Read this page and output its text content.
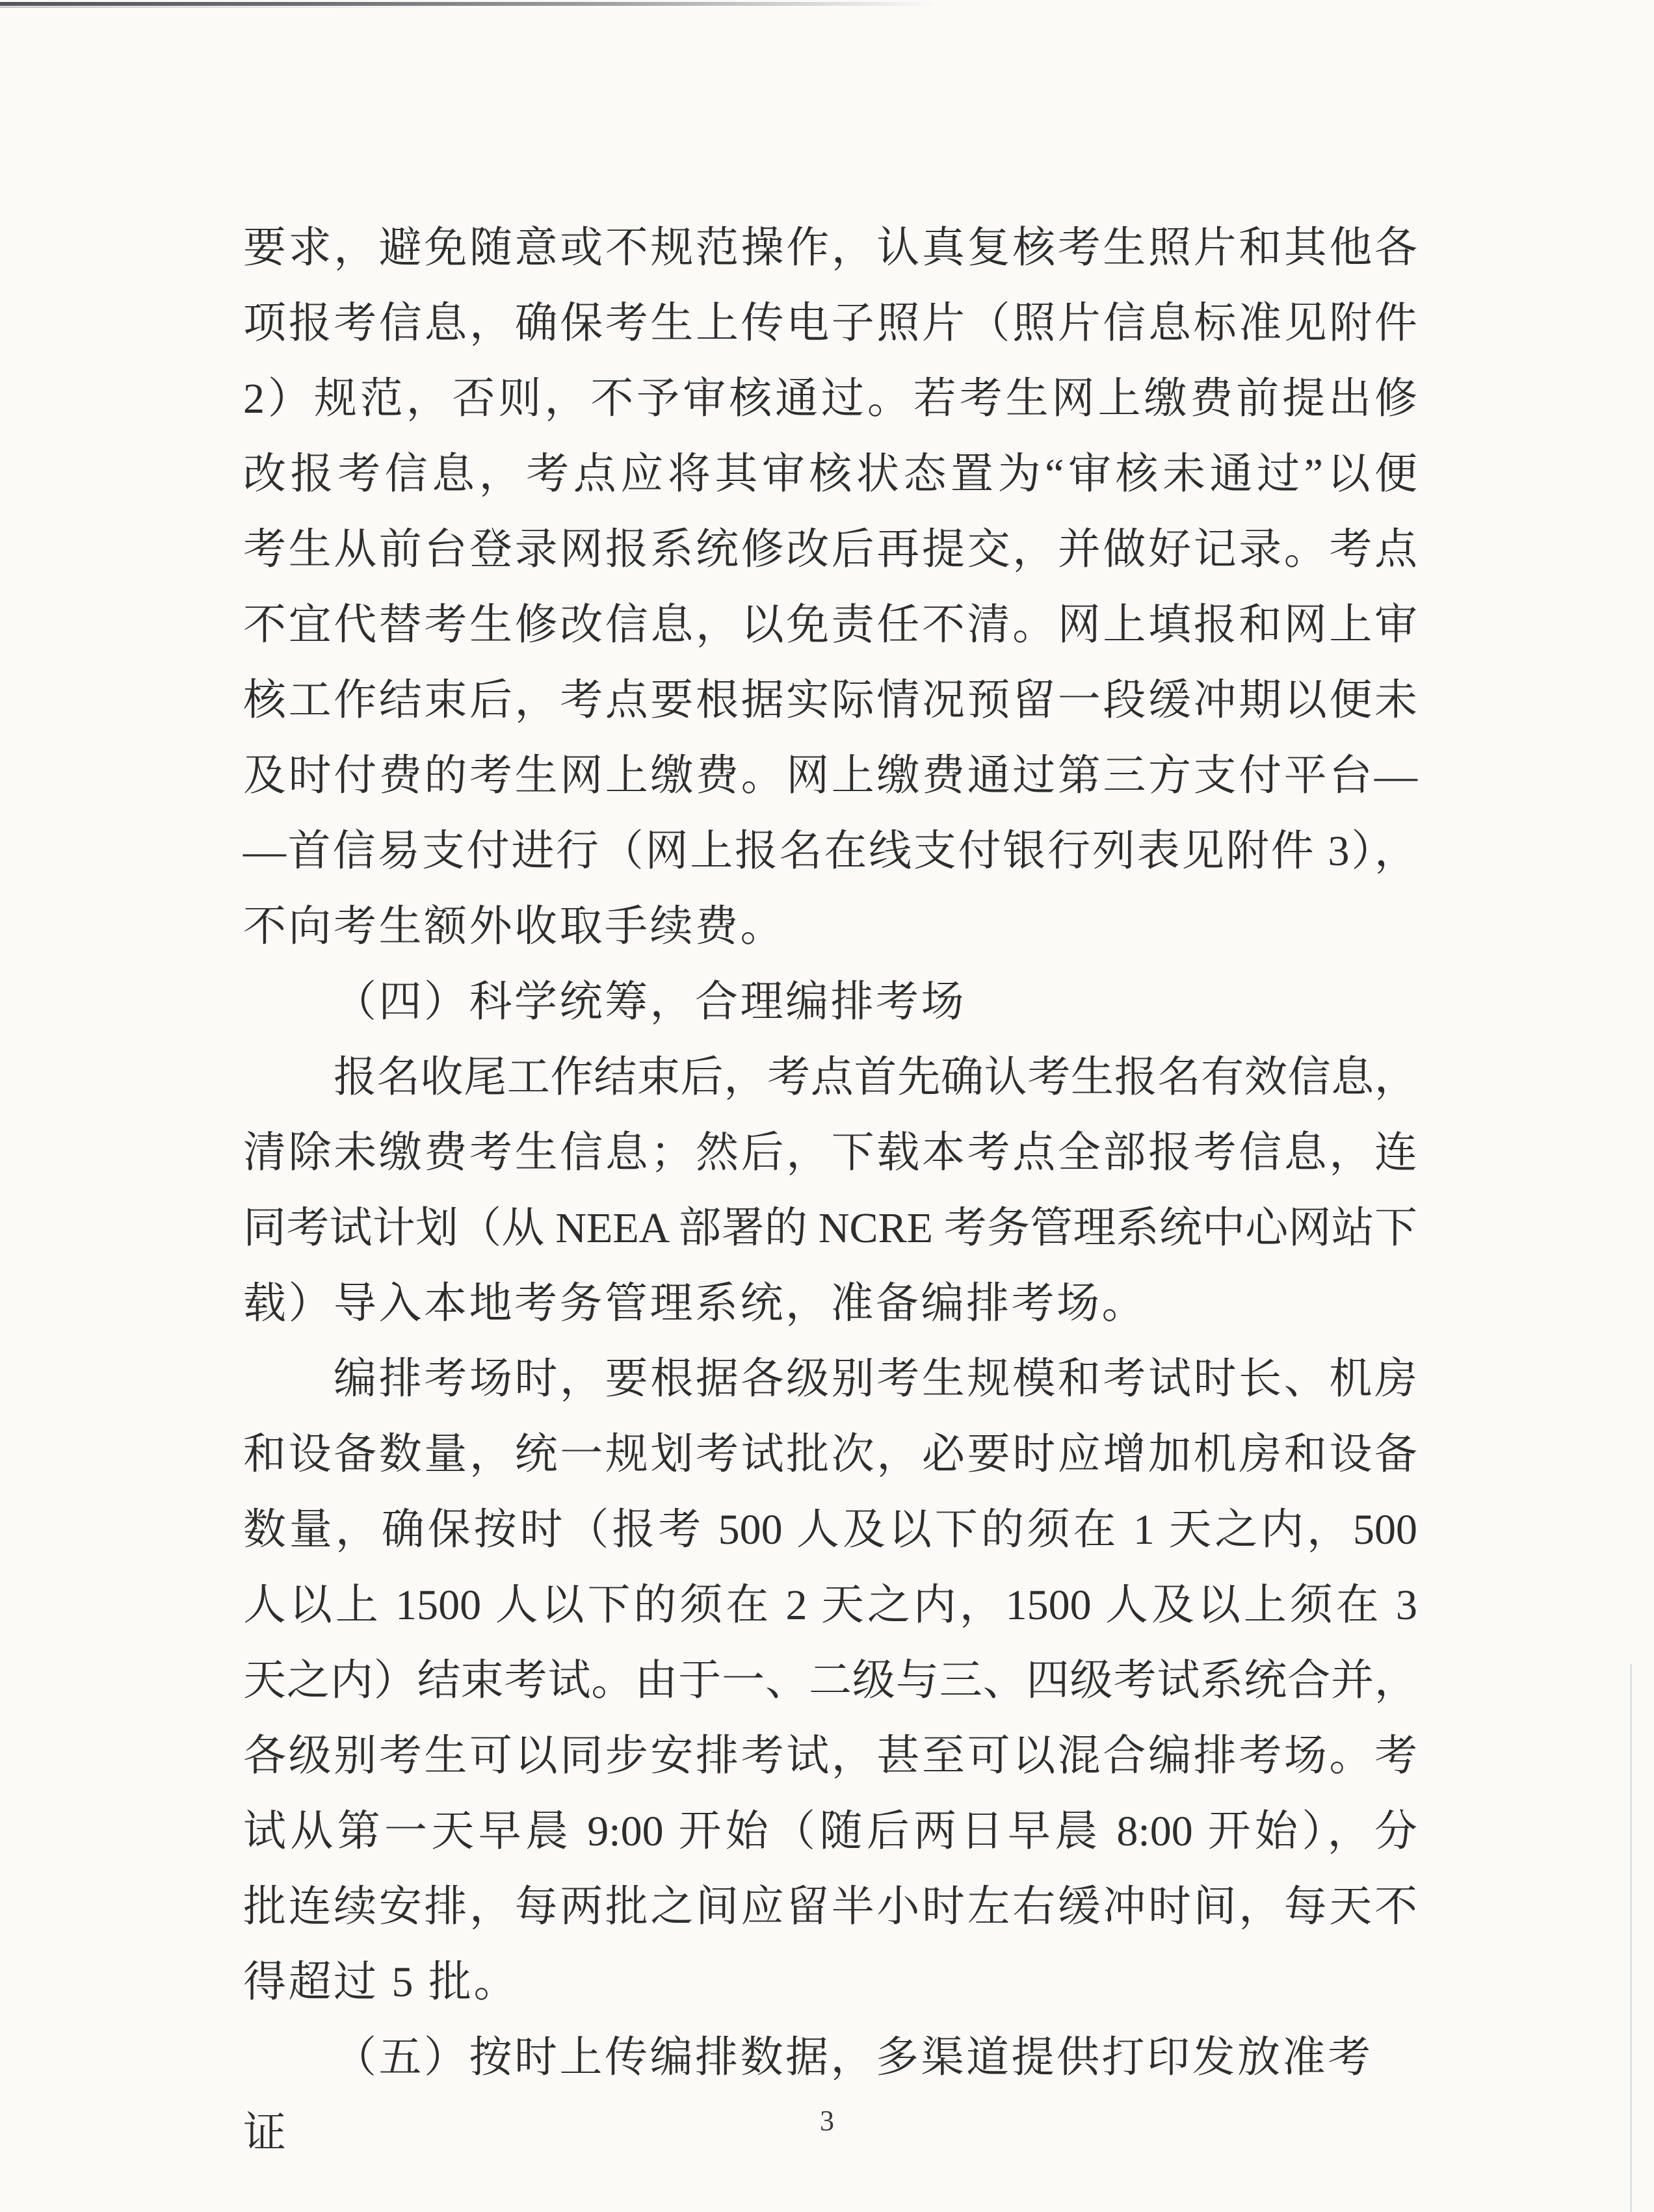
要求，避免随意或不规范操作，认真复核考生照片和其他各
项报考信息，确保考生上传电子照片（照片信息标准见附件
2）规范，否则，不予审核通过。若考生网上缴费前提出修
改报考信息，考点应将其审核状态置为“审核未通过”以便
考生从前台登录网报系统修改后再提交，并做好记录。考点
不宜代替考生修改信息，以免责任不清。网上填报和网上审
核工作结束后，考点要根据实际情况预留一段缓冲期以便未
及时付费的考生网上缴费。网上缴费通过第三方支付平台—
—首信易支付进行（网上报名在线支付银行列表见附件 3），
不向考生额外收取手续费。
（四）科学统筹，合理编排考场
报名收尾工作结束后，考点首先确认考生报名有效信息，
清除未缴费考生信息；然后，下载本考点全部报考信息，连
同考试计划（从 NEEA 部署的 NCRE 考务管理系统中心网站下
载）导入本地考务管理系统，准备编排考场。
编排考场时，要根据各级别考生规模和考试时长、机房
和设备数量，统一规划考试批次，必要时应增加机房和设备
数量，确保按时（报考 500 人及以下的须在 1 天之内，500
人以上 1500 人以下的须在 2 天之内，1500 人及以上须在 3
天之内）结束考试。由于一、二级与三、四级考试系统合并，
各级别考生可以同步安排考试，甚至可以混合编排考场。考
试从第一天早晨 9:00 开始（随后两日早晨 8:00 开始），分
批连续安排，每两批之间应留半小时左右缓冲时间，每天不
得超过 5 批。
（五）按时上传编排数据，多渠道提供打印发放准考证	3
